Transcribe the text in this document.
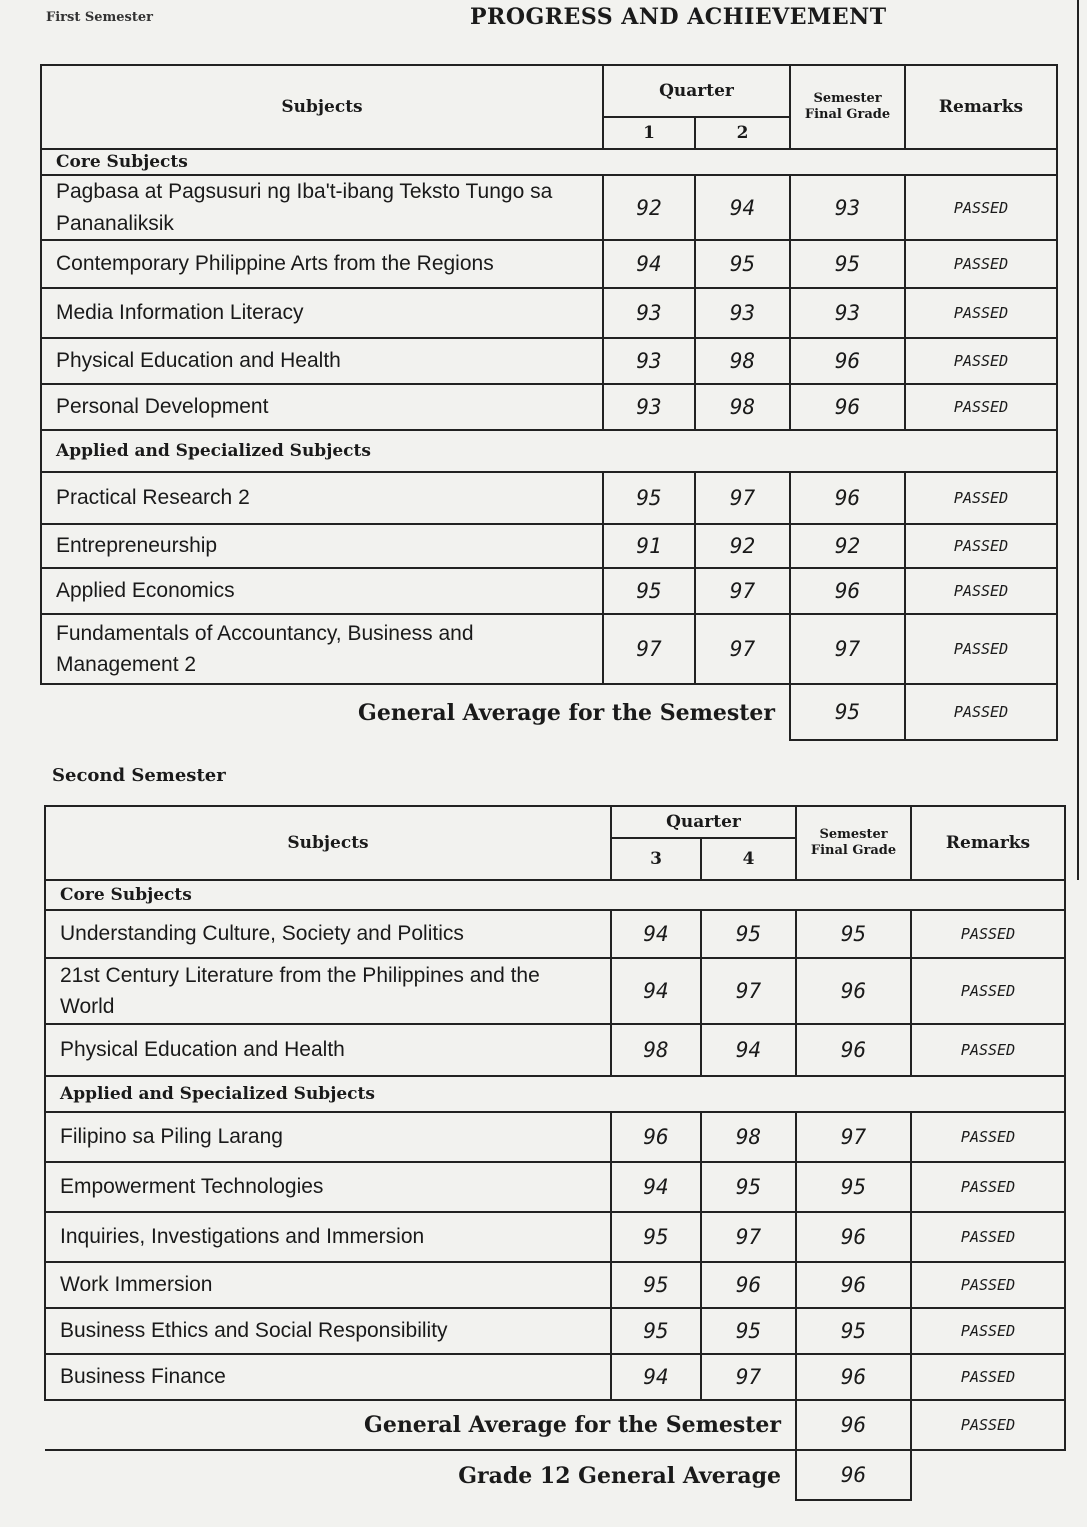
PROGRESS AND ACHIEVEMENT
First Semester
Subjects	Quarter		Semester Final Grade	Remarks
	1	2		
Core Subjects				
Pagbasa at Pagsusuri ng Iba't-ibang Teksto Tungo sa Pananaliksik	92	94	93	PASSED
Contemporary Philippine Arts from the Regions	94	95	95	PASSED
Media Information Literacy	93	93	93	PASSED
Physical Education and Health	93	98	96	PASSED
Personal Development	93	98	96	PASSED
Applied and Specialized Subjects				
Practical Research 2	95	97	96	PASSED
Entrepreneurship	91	92	92	PASSED
Applied Economics	95	97	96	PASSED
Fundamentals of Accountancy, Business and Management 2	97	97	97	PASSED
General Average for the Semester			95	PASSED
Second Semester
Subjects	Quarter		Semester Final Grade	Remarks
	3	4		
Core Subjects				
Understanding Culture, Society and Politics	94	95	95	PASSED
21st Century Literature from the Philippines and the World	94	97	96	PASSED
Physical Education and Health	98	94	96	PASSED
Applied and Specialized Subjects				
Filipino sa Piling Larang	96	98	97	PASSED
Empowerment Technologies	94	95	95	PASSED
Inquiries, Investigations and Immersion	95	97	96	PASSED
Work Immersion	95	96	96	PASSED
Business Ethics and Social Responsibility	95	95	95	PASSED
Business Finance	94	97	96	PASSED
General Average for the Semester			96	PASSED
Grade 12 General Average			96	
